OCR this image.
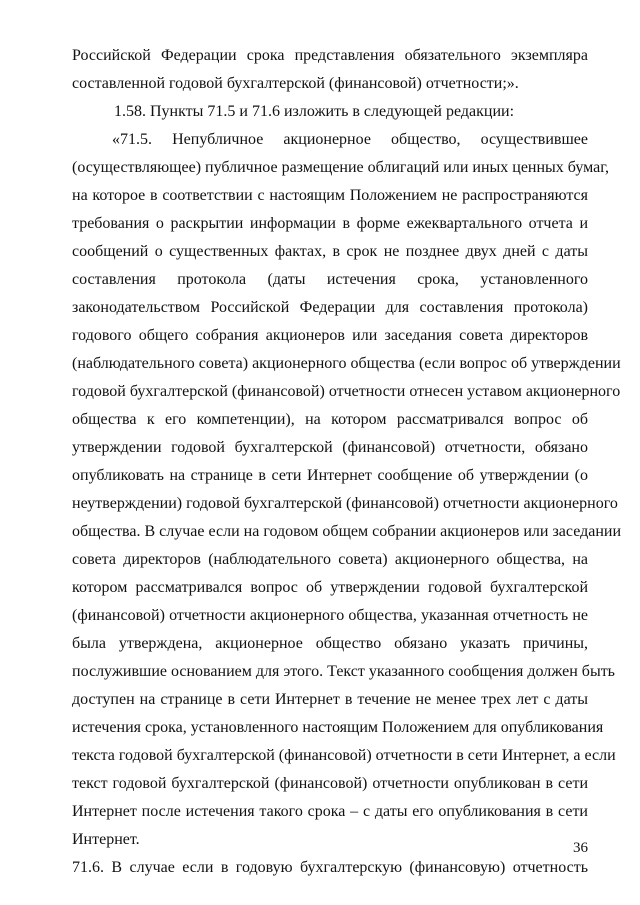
Российской Федерации срока представления обязательного экземпляра
составленной годовой бухгалтерской (финансовой) отчетности;».
1.58. Пункты 71.5 и 71.6 изложить в следующей редакции:
«71.5. Непубличное акционерное общество, осуществившее
(осуществляющее) публичное размещение облигаций или иных ценных бумаг,
на которое в соответствии с настоящим Положением не распространяются
требования о раскрытии информации в форме ежеквартального отчета и
сообщений о существенных фактах, в срок не позднее двух дней с даты
составления протокола (даты истечения срока, установленного
законодательством Российской Федерации для составления протокола)
годового общего собрания акционеров или заседания совета директоров
(наблюдательного совета) акционерного общества (если вопрос об утверждении
годовой бухгалтерской (финансовой) отчетности отнесен уставом акционерного
общества к его компетенции), на котором рассматривался вопрос об
утверждении годовой бухгалтерской (финансовой) отчетности, обязано
опубликовать на странице в сети Интернет сообщение об утверждении (о
неутверждении) годовой бухгалтерской (финансовой) отчетности акционерного
общества. В случае если на годовом общем собрании акционеров или заседании
совета директоров (наблюдательного совета) акционерного общества, на
котором рассматривался вопрос об утверждении годовой бухгалтерской
(финансовой) отчетности акционерного общества, указанная отчетность не
была утверждена, акционерное общество обязано указать причины,
послужившие основанием для этого. Текст указанного сообщения должен быть
доступен на странице в сети Интернет в течение не менее трех лет с даты
истечения срока, установленного настоящим Положением для опубликования
текста годовой бухгалтерской (финансовой) отчетности в сети Интернет, а если
текст годовой бухгалтерской (финансовой) отчетности опубликован в сети
Интернет после истечения такого срока – с даты его опубликования в сети
Интернет.
71.6. В случае если в годовую бухгалтерскую (финансовую) отчетность
36
